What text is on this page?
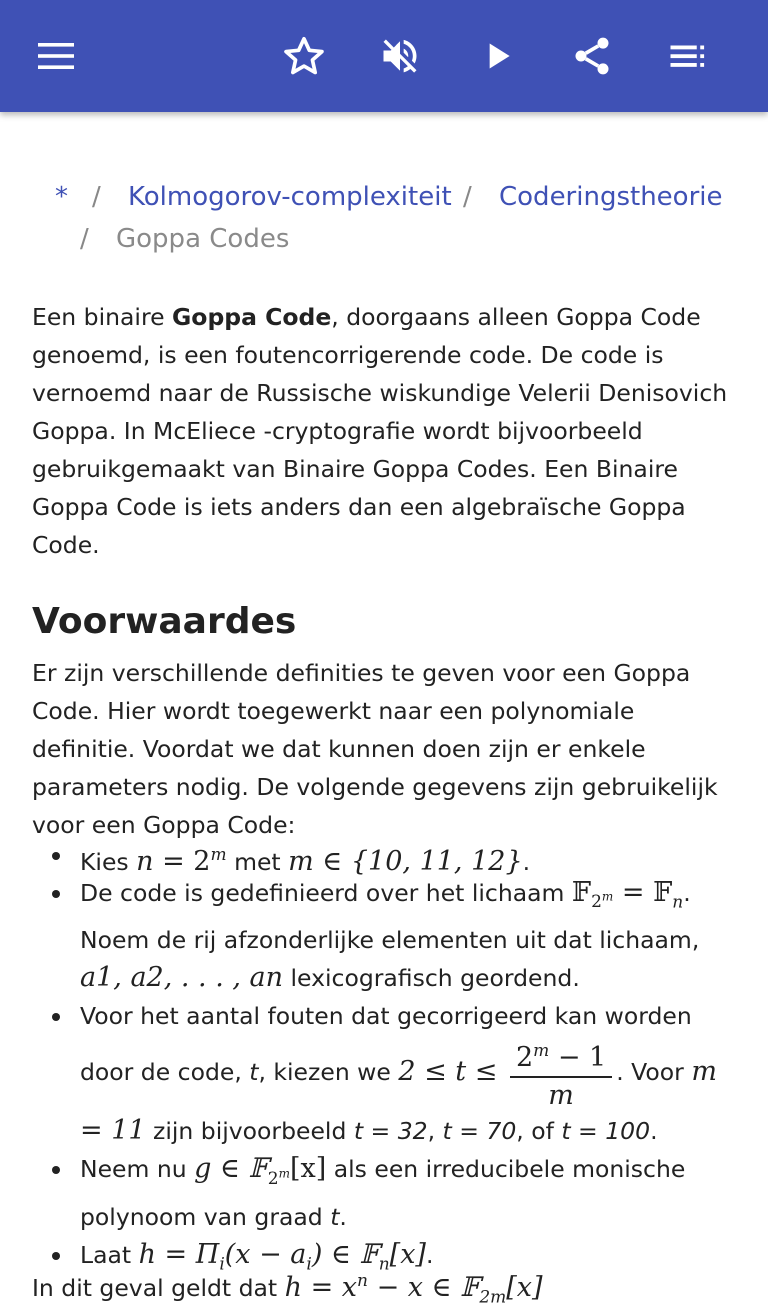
* / Kolmogorov-complexiteit / Coderingstheorie
/ Goppa Codes

Een binaire Goppa Code, doorgaans alleen Goppa Code genoemd, is een foutencorrigerende code. De code is vernoemd naar de Russische wiskundige Velerii Denisovich Goppa. In McEliece -cryptografie wordt bijvoorbeeld gebruikgemaakt van Binaire Goppa Codes. Een Binaire Goppa Code is iets anders dan een algebraïsche Goppa Code.

Voorwaardes

Er zijn verschillende definities te geven voor een Goppa Code. Hier wordt toegewerkt naar een polynomiale definitie. Voordat we dat kunnen doen zijn er enkele parameters nodig. De volgende gegevens zijn gebruikelijk voor een Goppa Code:

Kies $n = 2^m$ met m ∈ {10, 11, 12}.
De code is gedefinieerd over het lichaam 𝔽$_{2^m}$ = 𝔽$_n$. Noem de rij afzonderlijke elementen uit dat lichaam, a1, a2, . . . , an lexicografisch geordend.
Voor het aantal fouten dat gecorrigeerd kan worden door de code, t, kiezen we $2 \le t \le \frac{2^m - 1}{m}$ . Voor m = 11 zijn bijvoorbeeld t = 32, t = 70, of t = 100.
Neem nu g ∈ 𝔽$_{2^m}$[x] als een irreducibele monische polynoom van graad t.
Laat $h = \Pi_i(x - a_i)$ ∈ 𝔽$_n$[x].
In dit geval geldt dat $h = x^n - x$ ∈ 𝔽$_{2m}$[x]
